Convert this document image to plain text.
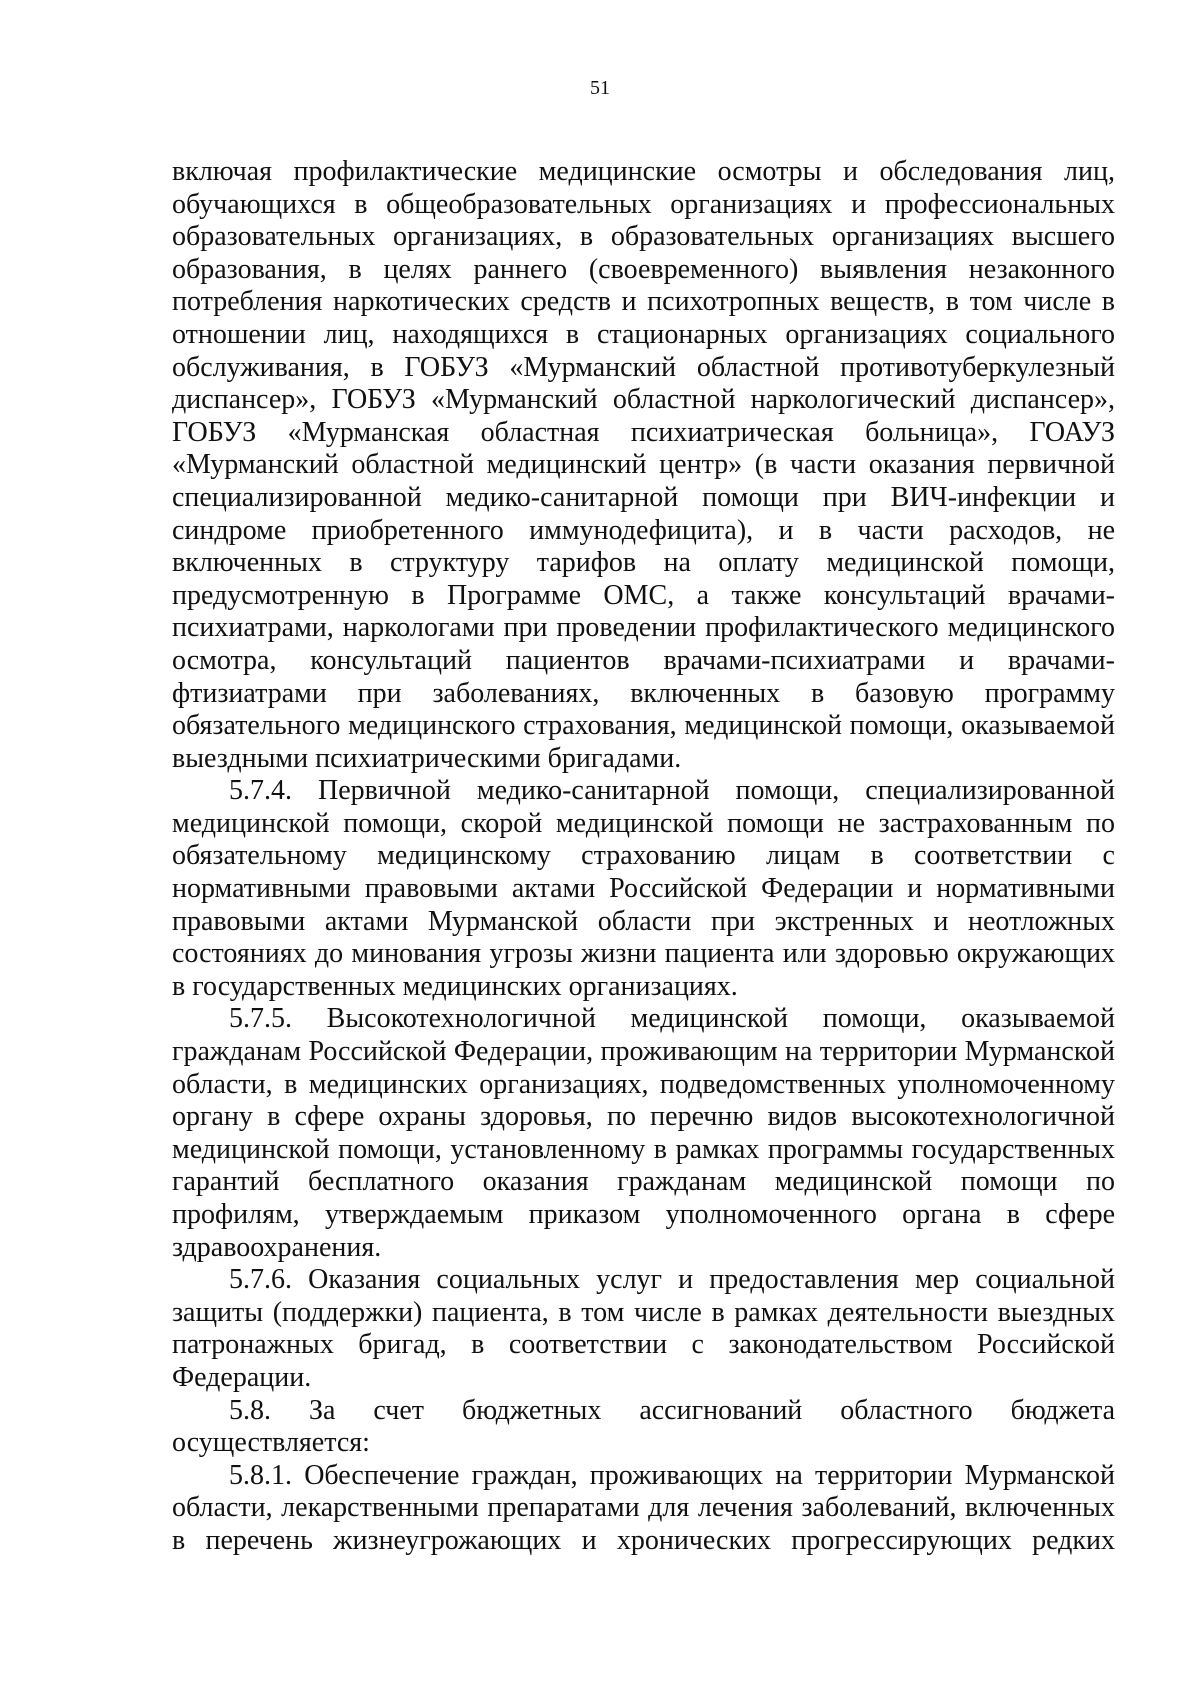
51

включая профилактические медицинские осмотры и обследования лиц, обучающихся в общеобразовательных организациях и профессиональных образовательных организациях, в образовательных организациях высшего образования, в целях раннего (своевременного) выявления незаконного потребления наркотических средств и психотропных веществ, в том числе в отношении лиц, находящихся в стационарных организациях социального обслуживания, в ГОБУЗ «Мурманский областной противотуберкулезный диспансер», ГОБУЗ «Мурманский областной наркологический диспансер», ГОБУЗ «Мурманская областная психиатрическая больница», ГОАУЗ «Мурманский областной медицинский центр» (в части оказания первичной специализированной медико-санитарной помощи при ВИЧ-инфекции и синдроме приобретенного иммунодефицита), и в части расходов, не включенных в структуру тарифов на оплату медицинской помощи, предусмотренную в Программе ОМС, а также консультаций врачами-психиатрами, наркологами при проведении профилактического медицинского осмотра, консультаций пациентов врачами-психиатрами и врачами-фтизиатрами при заболеваниях, включенных в базовую программу обязательного медицинского страхования, медицинской помощи, оказываемой выездными психиатрическими бригадами.

5.7.4. Первичной медико-санитарной помощи, специализированной медицинской помощи, скорой медицинской помощи не застрахованным по обязательному медицинскому страхованию лицам в соответствии с нормативными правовыми актами Российской Федерации и нормативными правовыми актами Мурманской области при экстренных и неотложных состояниях до минования угрозы жизни пациента или здоровью окружающих в государственных медицинских организациях.

5.7.5. Высокотехнологичной медицинской помощи, оказываемой гражданам Российской Федерации, проживающим на территории Мурманской области, в медицинских организациях, подведомственных уполномоченному органу в сфере охраны здоровья, по перечню видов высокотехнологичной медицинской помощи, установленному в рамках программы государственных гарантий бесплатного оказания гражданам медицинской помощи по профилям, утверждаемым приказом уполномоченного органа в сфере здравоохранения.

5.7.6. Оказания социальных услуг и предоставления мер социальной защиты (поддержки) пациента, в том числе в рамках деятельности выездных патронажных бригад, в соответствии с законодательством Российской Федерации.

5.8. За счет бюджетных ассигнований областного бюджета осуществляется:

5.8.1. Обеспечение граждан, проживающих на территории Мурманской области, лекарственными препаратами для лечения заболеваний, включенных в перечень жизнеугрожающих и хронических прогрессирующих редких
